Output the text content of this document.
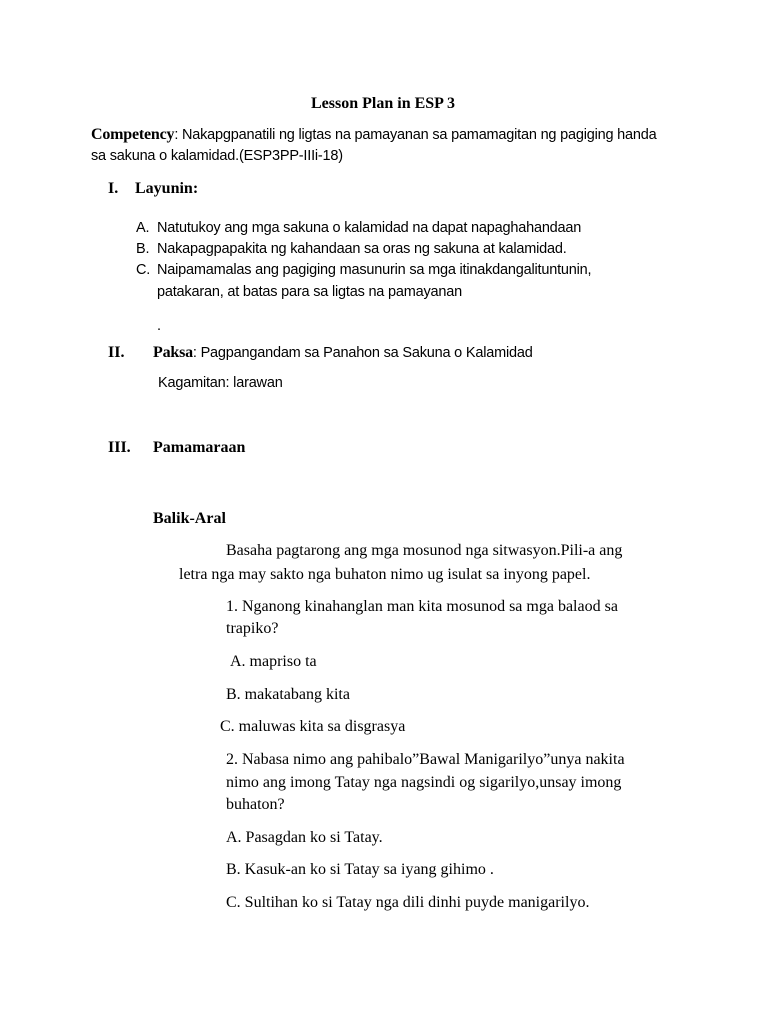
Lesson Plan in ESP 3
Competency: Nakapgpanatili ng ligtas na pamayanan sa pamamagitan ng pagiging handa
sa sakuna o kalamidad.(ESP3PP-IIIi-18)
I. Layunin:
A. Natutukoy ang mga sakuna o kalamidad na dapat napaghahandaan
B. Nakapagpapakita ng kahandaan sa oras ng sakuna at kalamidad.
C. Naipamamalas ang pagiging masunurin sa mga itinakdangalituntunin,
patakaran, at batas para sa ligtas na pamayanan
.
II. Paksa: Pagpangandam sa Panahon sa Sakuna o Kalamidad
Kagamitan: larawan
III. Pamamaraan
Balik-Aral
Basaha pagtarong ang mga mosunod nga sitwasyon.Pili-a ang
letra nga may sakto nga buhaton nimo ug isulat sa inyong papel.
1. Nganong kinahanglan man kita mosunod sa mga balaod sa
trapiko?
A. mapriso ta
B. makatabang kita
C. maluwas kita sa disgrasya
2. Nabasa nimo ang pahibalo”Bawal Manigarilyo”unya nakita
nimo ang imong Tatay nga nagsindi og sigarilyo,unsay imong
buhaton?
A. Pasagdan ko si Tatay.
B. Kasuk-an ko si Tatay sa iyang gihimo .
C. Sultihan ko si Tatay nga dili dinhi puyde manigarilyo.
